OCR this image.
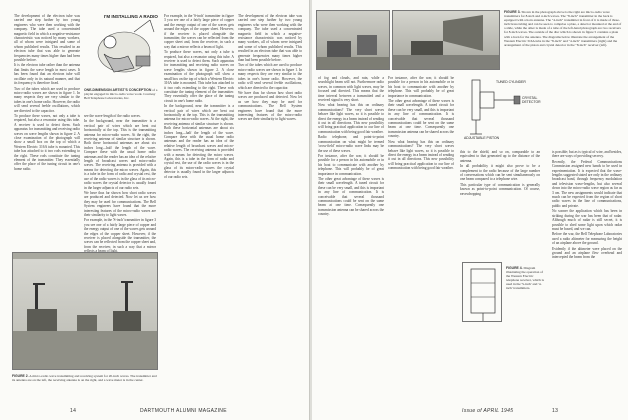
The development of the electron tube was carried one step further by two young engineers who were then working with the company. The tube used a concentrated magnetic field in which a negative-resistance characteristic was noticed by many workers, all of whom were intrigued and some of whom published results. This resulted in an electron tube that was able to generate frequencies many times higher than had been possible before.

It is the electron tube rather than the antenna that limits the wave length in most cases. It has been found that an electron tube will oscillate only in its natural manner, and that its frequency is therefore fixed.

Two of the tubes which are used to produce micro-radio waves are shown in figure 1. In many respects they are very similar to the tubes in one's home radio. However, the radio will send several feeble oscillations, which are directed to the capacitor.

To produce these waves, not only a tube is required, but also a resonator using this tube. A receiver is used to detect them. Such apparatus for transmitting and receiving radio waves on wave lengths shown in figure 2. A close examination of the photograph will show a small box on the top of which a Western Electric 316A tube is mounted. This tube has attached to it two rods extending to the right. These rods constitute the tuning element of the transmitter. They essentially offer the place of the tuning circuit in one's home radio.

I'M INSTALLING A RADIO
ONE-DIMENSION ARTIST'S CONCEPTION of a playlet engaged in micro-radio wave work. Courtesy Bell Telephone Laboratories, Inc.

see the wave-length of the radio waves.

In the background, near the transmitter is a vertical pair of wires which are bent out horizontally at the top. This is the transmitting antenna for micro-radio waves. At the right, the receiving antenna of similar structure is shown. Both these horizontal antennas are about six inches long—half the length of the wave. Compare these with the usual home radio antennas and the reader has an idea of the relative length of broadcast waves and micro-radio waves. The receiving antenna is provided with a means for detecting the micro waves. Again, this is a tube in the form of radio and crystal rest, the use of the radio waves is in the glass of its micro-radio waves the crystal detector is usually found in the larger adjuncts of our radio sets.

We have thus far shown how short radio waves are produced and detected. Now let us see how they may be used for communications. The Bell System engineers have found that the more interesting features of the micro-radio waves are their similarity to light waves.

For example, in the 'S-inch' transmitter in figure 3 you see one of a fairly large piece of copper and the energy output of one of the waves gets around the edges of the copper sheet. However, if the receiver is placed alongside the transmitter, the waves can be reflected from the copper sheet and, from the receiver, in such a way that a mirror

FIGURE 2. A micro-radio wave transmitting and receiving system for 20-inch waves. The transmitter and its antenna are on the left, the receiving antenna is on the right, and a wave meter is in the center.

For example, in the 'S-inch' transmitter in figure 3 you see one of a fairly large piece of copper and the energy output of one of the waves gets around the edges of the copper sheet. However, if the receiver is placed alongside the transmitter, the waves can be reflected from the copper sheet and, from the receiver, in such a way that a mirror reflects a beam of light.

To produce these waves, not only a tube is required, but also a resonator using this tube. A receiver is used to detect them. Such apparatus for transmitting and receiving radio waves on wave lengths shown in figure 2. A close examination of the photograph will show a small box on the top of which a Western Electric 316A tube is mounted. This tube has attached to it two rods extending to the right. These rods constitute the tuning element of the transmitter. They essentially offer the place of the tuning circuit in one's home radio.

In the background, near the transmitter is a vertical pair of wires which are bent out horizontally at the top. This is the transmitting antenna for micro-radio waves. At the right, the receiving antenna of similar structure is shown. Both these horizontal antennas are about six inches long—half the length of the wave. Compare these with the usual home radio antennas and the reader has an idea of the relative length of broadcast waves and micro-radio waves. The receiving antenna is provided with a means for detecting the micro waves. Again, this is a tube in the form of radio and crystal rest, the use of the radio waves is in the glass of its micro-radio waves the crystal detector is usually found in the larger adjuncts of our radio sets.

The development of the electron tube was carried one step further by two young engineers who were then working with the company. The tube used a concentrated magnetic field in which a negative-resistance characteristic was noticed by many workers, all of whom were intrigued and some of whom published results. This resulted in an electron tube that was able to generate frequencies many times higher than had been possible before.

Two of the tubes which are used to produce micro-radio waves are shown in figure 1. In many respects they are very similar to the tubes in one's home radio. However, the radio will send several feeble oscillations, which are directed to the capacitor.

We have thus far shown how short radio waves are produced and detected. Now let us see how they may be used for communications. The Bell System engineers have found that the more interesting features of the micro-radio waves are their similarity to light waves.

14	DARTMOUTH ALUMNI MAGAZINE
FIGURE 3. Shown in the photograph above is the right are micro-radio wave transmitters for 8-inch and 4-inch waves. The "8-inch" transmitter in the back is equipped with a horn antenna. The "4-inch" transmitter in front of it is made of three-inch brass tubing and can be seen to comprise a plate, a detector mounted at the end of a slide, while the other is made of a tube of the left-hand photograph are two receivers for 8-inch waves. The outside of the disc which is shown in figure 5 contains a plate with a horn for the antenna. The diagrams below illustrate the arrangement of the Western Electric 316A tube in the "8-inch" and "4-inch" transmitters (right) and the arrangement of the piston and crystal detector in the "8-inch" receiver (left).
TUNED CYLINDER
CRYSTAL DETECTOR
ADJUSTABLE PISTON

of fog and clouds, and rain, while a searchlight beam will not. Furthermore radio waves, in common with light waves, may be focused and directed. This means that the time interval between a transmitted and a received signal is very short.

Now what bearing has this on ordinary communications? The very short waves behave like light waves, so it is possible to direct the energy in a beam instead of sending it out in all directions. This new possibility will bring practical application to our line of communication with being good fair weather.

Radio telephone, and point-to-point communication on what might be termed 'cross-field' micro-radio wave links may be the use of these waves.

For instance, after the war, it should be possible for a person in his automobile or in his boat to communicate with another by telephone. This will probably be of great importance in communication.

The other great advantage of these waves is their small wavelength. A tuned circuit for these can be very small, and this is important in any line of communication. It is conceivable that several thousand communications could be sent on the same beam at one time. Consequently one transmission antenna can be shared across the country.

For instance, after the war, it should be possible for a person in his automobile or in his boat to communicate with another by telephone. This will probably be of great importance in communication.

The other great advantage of these waves is their small wavelength. A tuned circuit for these can be very small, and this is important in any line of communication. It is conceivable that several thousand communications could be sent on the same beam at one time. Consequently one transmission antenna can be shared across the country.

Now what bearing has this on ordinary communications? The very short waves behave like light waves, so it is possible to direct the energy in a beam instead of sending it out in all directions. This new possibility will bring practical application to our line of communication with being good fair weather.

this to the shield, and so on, comparable to an equivalent to that generated up to the distance of the antenna.

In all probability it might also prove to be a complement to the radio because of the large number of conversations which can be sent simultaneously on one beam compared to a telephone wire.

This particular type of communication is generally known as point-to-point communication. Of course, eavesdropping

FIGURE 4. Diagram illustrating the operation of the Western Electric telephone receiver, which is used in the 'S-inch' and '4-inch' transmitters.

is possible; but as is typical of wire, and besides, there are ways of providing secrecy.

Recently, the Federal Communications Commission assigned new bands to be used in experimentation. It is expected that the wave-lengths suggested stated are only in the ordinary broadcast band, through frequency modulation and television wave-lengths, but also several down into the micro-radio wave region as far as 3 cm. The new assignments would indicate that much can be expected from the region of short radio waves in the line of communications, public and private.

No sooner the application which has been in striking during the war has been that of radar. Although much of radar is still secret, it is possible to shed some light upon which radar must be based, and we can.

Before the war, the Bell Telephone Laboratories used a radio altimeter for measuring the height of an airplane above the ground.

Evidently if the altimeter were placed on the ground and an airplane flew overhead and intercepted the beam from the

Issue of APRIL 1945	13
